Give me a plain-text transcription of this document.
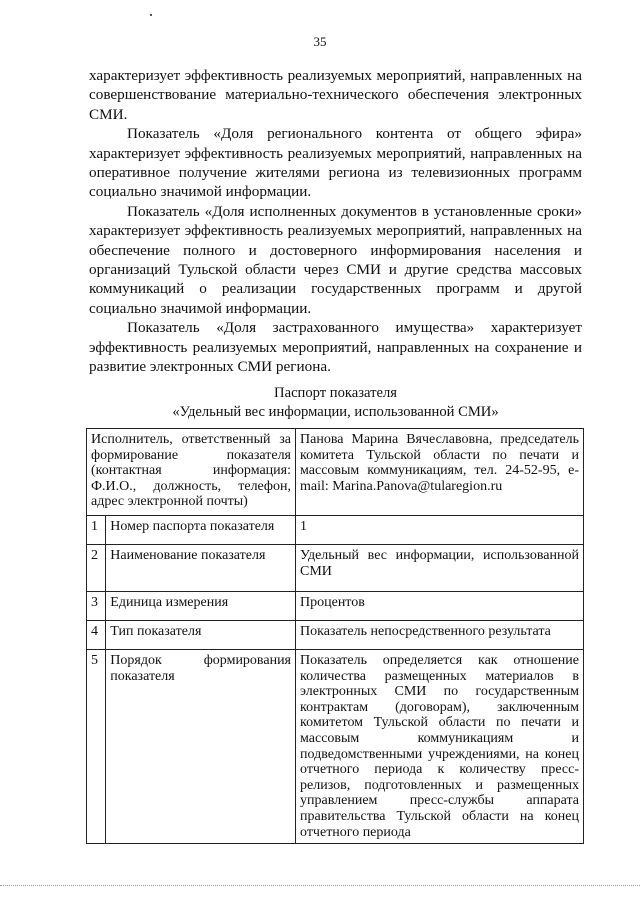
35

характеризует эффективность реализуемых мероприятий, направленных на совершенствование материально-технического обеспечения электронных СМИ.

Показатель «Доля регионального контента от общего эфира» характеризует эффективность реализуемых мероприятий, направленных на оперативное получение жителями региона из телевизионных программ социально значимой информации.

Показатель «Доля исполненных документов в установленные сроки» характеризует эффективность реализуемых мероприятий, направленных на обеспечение полного и достоверного информирования населения и организаций Тульской области через СМИ и другие средства массовых коммуникаций о реализации государственных программ и другой социально значимой информации.

Показатель «Доля застрахованного имущества» характеризует эффективность реализуемых мероприятий, направленных на сохранение и развитие электронных СМИ региона.

Паспорт показателя
«Удельный вес информации, использованной СМИ»
Исполнитель, ответственный за формирование показателя (контактная информация: Ф.И.О., должность, телефон, адрес электронной почты)		Панова Марина Вячеславовна, председатель комитета Тульской области по печати и массовым коммуникациям, тел. 24-52-95, e-mail: Marina.Panova@tularegion.ru
1	Номер паспорта показателя	1
2	Наименование показателя	Удельный вес информации, использованной СМИ
3	Единица измерения	Процентов
4	Тип показателя	Показатель непосредственного результата
5	Порядок формирования показателя	Показатель определяется как отношение количества размещенных материалов в электронных СМИ по государственным контрактам (договорам), заключенным комитетом Тульской области по печати и массовым коммуникациям и подведомственными учреждениями, на конец отчетного периода к количеству пресс-релизов, подготовленных и размещенных управлением пресс-службы аппарата правительства Тульской области на конец отчетного периода
